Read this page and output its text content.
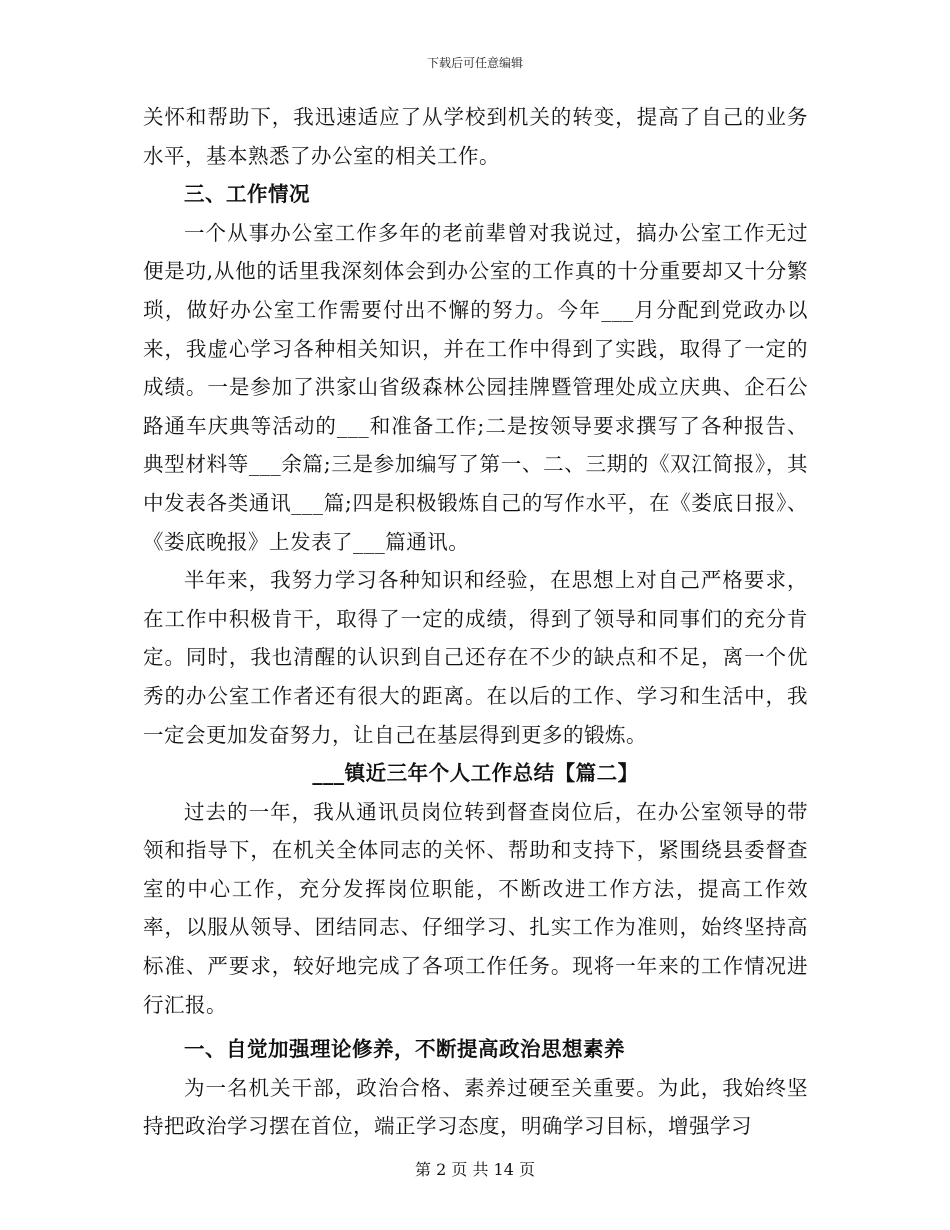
下载后可任意编辑

关怀和帮助下，我迅速适应了从学校到机关的转变，提高了自己的业务水平，基本熟悉了办公室的相关工作。

三、工作情况

一个从事办公室工作多年的老前辈曾对我说过，搞办公室工作无过便是功,从他的话里我深刻体会到办公室的工作真的十分重要却又十分繁琐，做好办公室工作需要付出不懈的努力。今年___月分配到党政办以来，我虚心学习各种相关知识，并在工作中得到了实践，取得了一定的成绩。一是参加了洪家山省级森林公园挂牌暨管理处成立庆典、企石公路通车庆典等活动的___和准备工作;二是按领导要求撰写了各种报告、典型材料等___余篇;三是参加编写了第一、二、三期的《双江简报》，其中发表各类通讯___篇;四是积极锻炼自己的写作水平，在《娄底日报》、《娄底晚报》上发表了___篇通讯。

半年来，我努力学习各种知识和经验，在思想上对自己严格要求，在工作中积极肯干，取得了一定的成绩，得到了领导和同事们的充分肯定。同时，我也清醒的认识到自己还存在不少的缺点和不足，离一个优秀的办公室工作者还有很大的距离。在以后的工作、学习和生活中，我一定会更加发奋努力，让自己在基层得到更多的锻炼。

___镇近三年个人工作总结【篇二】

过去的一年，我从通讯员岗位转到督查岗位后，在办公室领导的带领和指导下，在机关全体同志的关怀、帮助和支持下，紧围绕县委督查室的中心工作，充分发挥岗位职能，不断改进工作方法，提高工作效率，以服从领导、团结同志、仔细学习、扎实工作为准则，始终坚持高标准、严要求，较好地完成了各项工作任务。现将一年来的工作情况进行汇报。

一、自觉加强理论修养，不断提高政治思想素养

为一名机关干部，政治合格、素养过硬至关重要。为此，我始终坚持把政治学习摆在首位，端正学习态度，明确学习目标，增强学习

第 2 页 共 14 页
